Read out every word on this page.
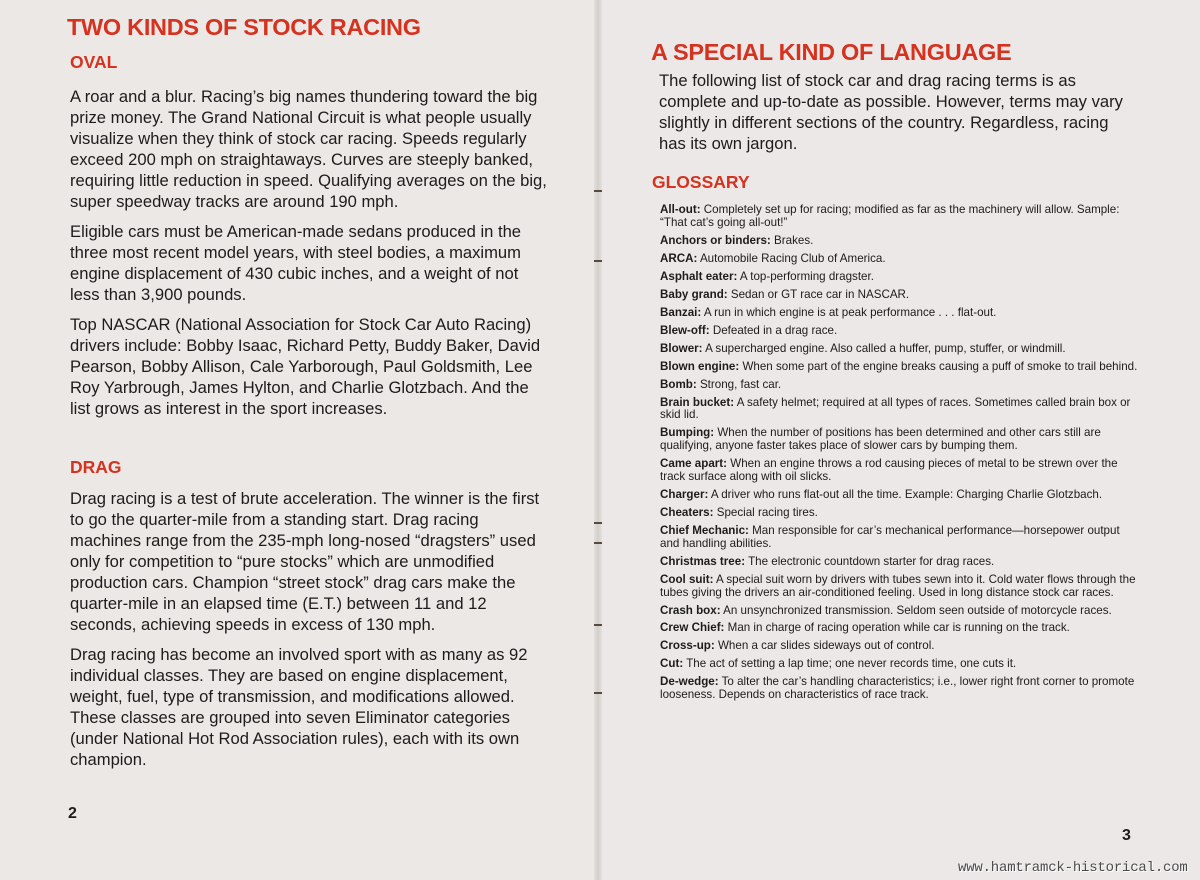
TWO KINDS OF STOCK RACING
OVAL

A roar and a blur. Racing’s big names thundering toward the big prize money. The Grand National Circuit is what people usually visualize when they think of stock car racing. Speeds regularly exceed 200 mph on straightaways. Curves are steeply banked, requiring little reduction in speed. Qualifying averages on the big, super speedway tracks are around 190 mph.

Eligible cars must be American-made sedans produced in the three most recent model years, with steel bodies, a maximum engine displacement of 430 cubic inches, and a weight of not less than 3,900 pounds.

Top NASCAR (National Association for Stock Car Auto Racing) drivers include: Bobby Isaac, Richard Petty, Buddy Baker, David Pearson, Bobby Allison, Cale Yarborough, Paul Goldsmith, Lee Roy Yarbrough, James Hylton, and Charlie Glotzbach. And the list grows as interest in the sport increases.

DRAG

Drag racing is a test of brute acceleration. The winner is the first to go the quarter-mile from a standing start. Drag racing machines range from the 235-mph long-nosed “dragsters” used only for competition to “pure stocks” which are unmodified production cars. Champion “street stock” drag cars make the quarter-mile in an elapsed time (E.T.) between 11 and 12 seconds, achieving speeds in excess of 130 mph.

Drag racing has become an involved sport with as many as 92 individual classes. They are based on engine displacement, weight, fuel, type of transmission, and modifications allowed. These classes are grouped into seven Eliminator categories (under National Hot Rod Association rules), each with its own champion.

2
A SPECIAL KIND OF LANGUAGE

The following list of stock car and drag racing terms is as complete and up-to-date as possible. However, terms may vary slightly in different sections of the country. Regardless, racing has its own jargon.

GLOSSARY
All-out: Completely set up for racing; modified as far as the machinery will allow. Sample: “That cat’s going all-out!”
Anchors or binders: Brakes.
ARCA: Automobile Racing Club of America.
Asphalt eater: A top-performing dragster.
Baby grand: Sedan or GT race car in NASCAR.
Banzai: A run in which engine is at peak performance . . . flat-out.
Blew-off: Defeated in a drag race.
Blower: A supercharged engine. Also called a huffer, pump, stuffer, or windmill.
Blown engine: When some part of the engine breaks causing a puff of smoke to trail behind.
Bomb: Strong, fast car.
Brain bucket: A safety helmet; required at all types of races. Sometimes called brain box or skid lid.
Bumping: When the number of positions has been determined and other cars still are qualifying, anyone faster takes place of slower cars by bumping them.
Came apart: When an engine throws a rod causing pieces of metal to be strewn over the track surface along with oil slicks.
Charger: A driver who runs flat-out all the time. Example: Charging Charlie Glotzbach.
Cheaters: Special racing tires.
Chief Mechanic: Man responsible for car’s mechanical performance—horsepower output and handling abilities.
Christmas tree: The electronic countdown starter for drag races.
Cool suit: A special suit worn by drivers with tubes sewn into it. Cold water flows through the tubes giving the drivers an air-conditioned feeling. Used in long distance stock car races.
Crash box: An unsynchronized transmission. Seldom seen outside of motorcycle races.
Crew Chief: Man in charge of racing operation while car is running on the track.
Cross-up: When a car slides sideways out of control.
Cut: The act of setting a lap time; one never records time, one cuts it.
De-wedge: To alter the car’s handling characteristics; i.e., lower right front corner to promote looseness. Depends on characteristics of race track.
3
www.hamtramck-historical.com
